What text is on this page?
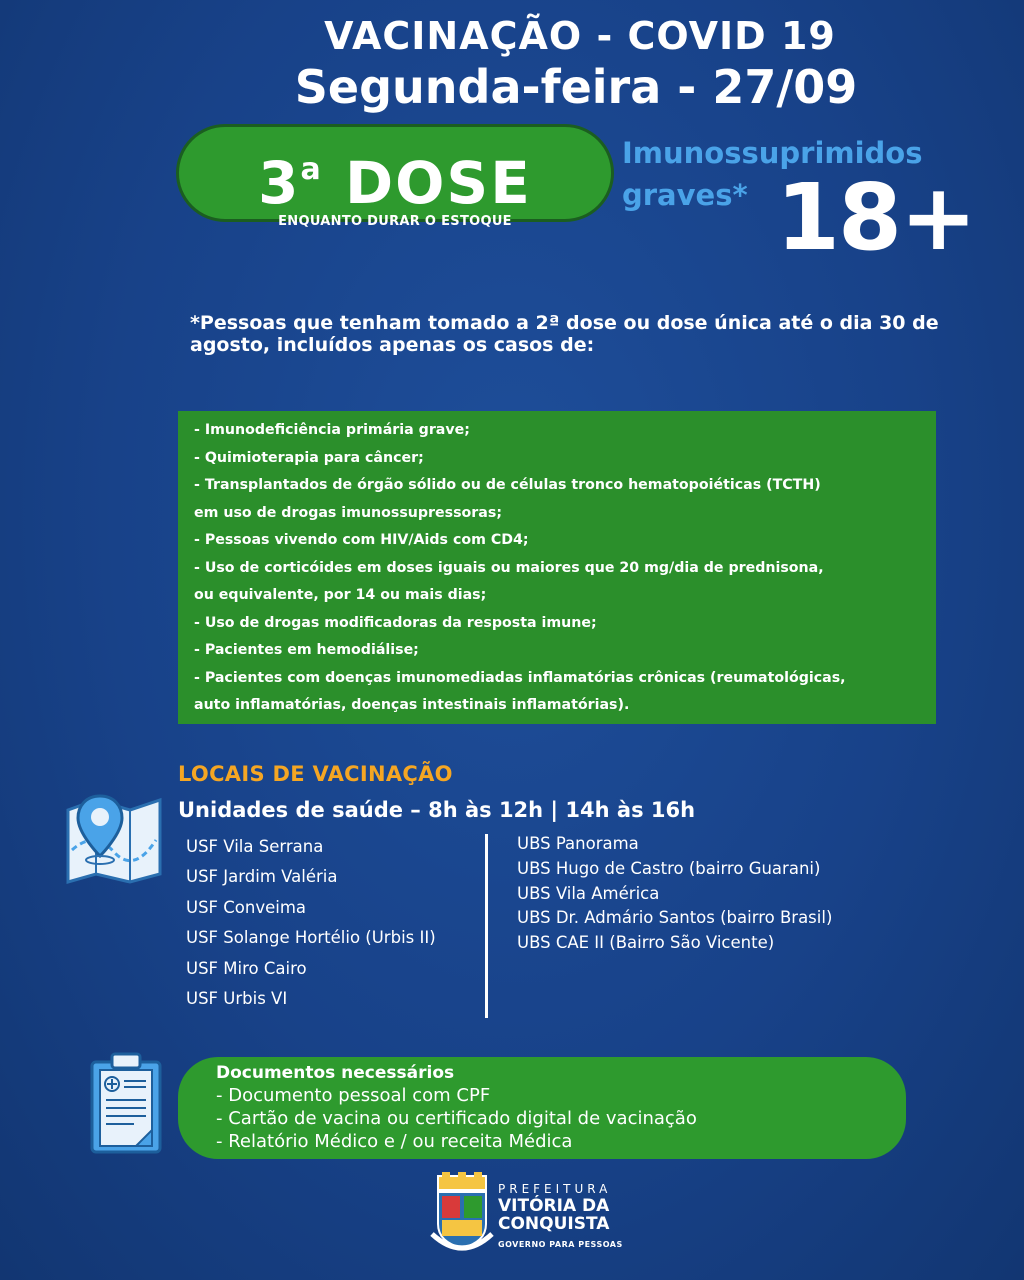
VACINAÇÃO - COVID 19
Segunda-feira - 27/09
3$^a$ DOSE
ENQUANTO DURAR O ESTOQUE
Imunossuprimidos
graves* 18+
*Pessoas que tenham tomado a 2ª dose ou dose única até o dia 30 de agosto, incluídos apenas os casos de:
- Imunodeficiência primária grave;
- Quimioterapia para câncer;
- Transplantados de órgão sólido ou de células tronco hematopoiéticas (TCTH)
em uso de drogas imunossupressoras;
- Pessoas vivendo com HIV/Aids com CD4;
- Uso de corticóides em doses iguais ou maiores que 20 mg/dia de prednisona,
ou equivalente, por 14 ou mais dias;
- Uso de drogas modificadoras da resposta imune;
- Pacientes em hemodiálise;
- Pacientes com doenças imunomediadas inflamatórias crônicas (reumatológicas,
auto inflamatórias, doenças intestinais inflamatórias).
LOCAIS DE VACINAÇÃO
Unidades de saúde – 8h às 12h | 14h às 16h
USF Vila Serrana
USF Jardim Valéria
USF Conveima
USF Solange Hortélio (Urbis II)
USF Miro Cairo
USF Urbis VI
UBS Panorama
UBS Hugo de Castro (bairro Guarani)
UBS Vila América
UBS Dr. Admário Santos (bairro Brasil)
UBS CAE II (Bairro São Vicente)
Documentos necessários
- Documento pessoal com CPF
- Cartão de vacina ou certificado digital de vacinação
- Relatório Médico e / ou receita Médica
PREFEITURA
VITÓRIA DA
CONQUISTA
GOVERNO PARA PESSOAS
